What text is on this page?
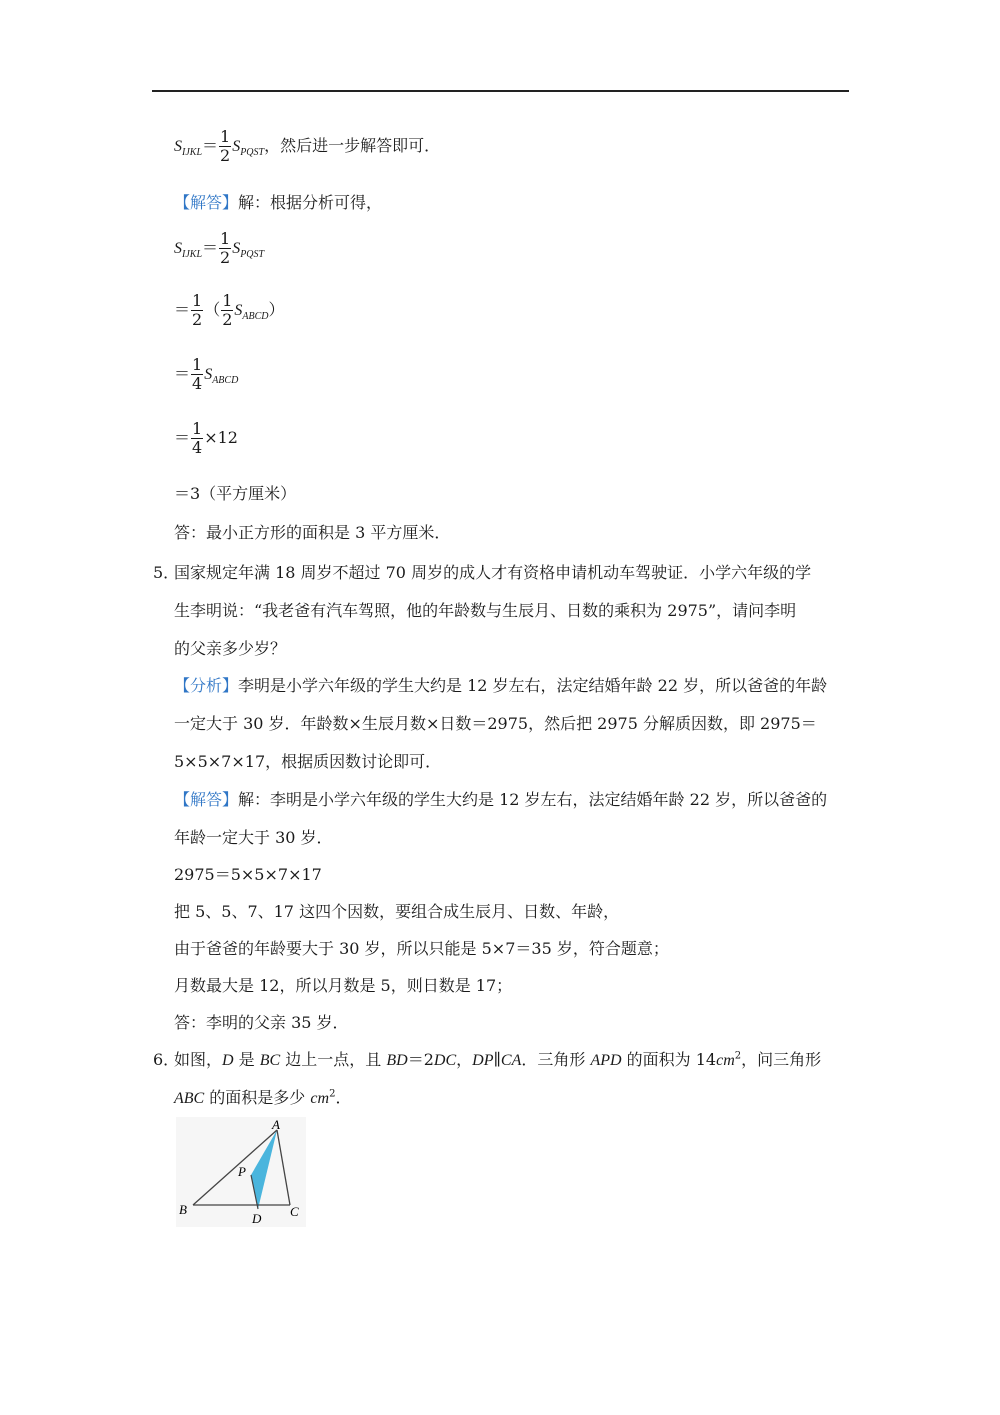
$S_{IJKL}= \frac{1}{2} S_{PQST}$，然后进一步解答即可．
【解答】解：根据分析可得，
$S_{IJKL}= \frac{1}{2} S_{PQST}$
＝ $\frac{1}{2}$ （ $\frac{1}{2} S_{ABCD}$）
＝ $\frac{1}{4} S_{ABCD}$
＝ $\frac{1}{4} \times 12$
＝3（平方厘米）
答：最小正方形的面积是 3 平方厘米．
5．
国家规定年满 18 周岁不超过 70 周岁的成人才有资格申请机动车驾驶证．小学六年级的学
生李明说：“我老爸有汽车驾照，他的年龄数与生辰月、日数的乘积为 2975”，请问李明
的父亲多少岁？
【分析】李明是小学六年级的学生大约是 12 岁左右，法定结婚年龄 22 岁，所以爸爸的年龄
一定大于 30 岁．年龄数×生辰月数×日数＝2975，然后把 2975 分解质因数，即 2975＝
5×5×7×17，根据质因数讨论即可．
【解答】解：李明是小学六年级的学生大约是 12 岁左右，法定结婚年龄 22 岁，所以爸爸的
年龄一定大于 30 岁．
2975＝5×5×7×17
把 5、5、7、17 这四个因数，要组合成生辰月、日数、年龄，
由于爸爸的年龄要大于 30 岁，所以只能是 5×7＝35 岁，符合题意；
月数最大是 12，所以月数是 5，则日数是 17；
答：李明的父亲 35 岁．
6．
如图，D 是 BC 边上一点，且 BD＝2DC，DP∥CA．三角形 APD 的面积为 $14cm^2$，问三角形
ABC 的面积是多少 $cm^2$．
A
P
B
D C
